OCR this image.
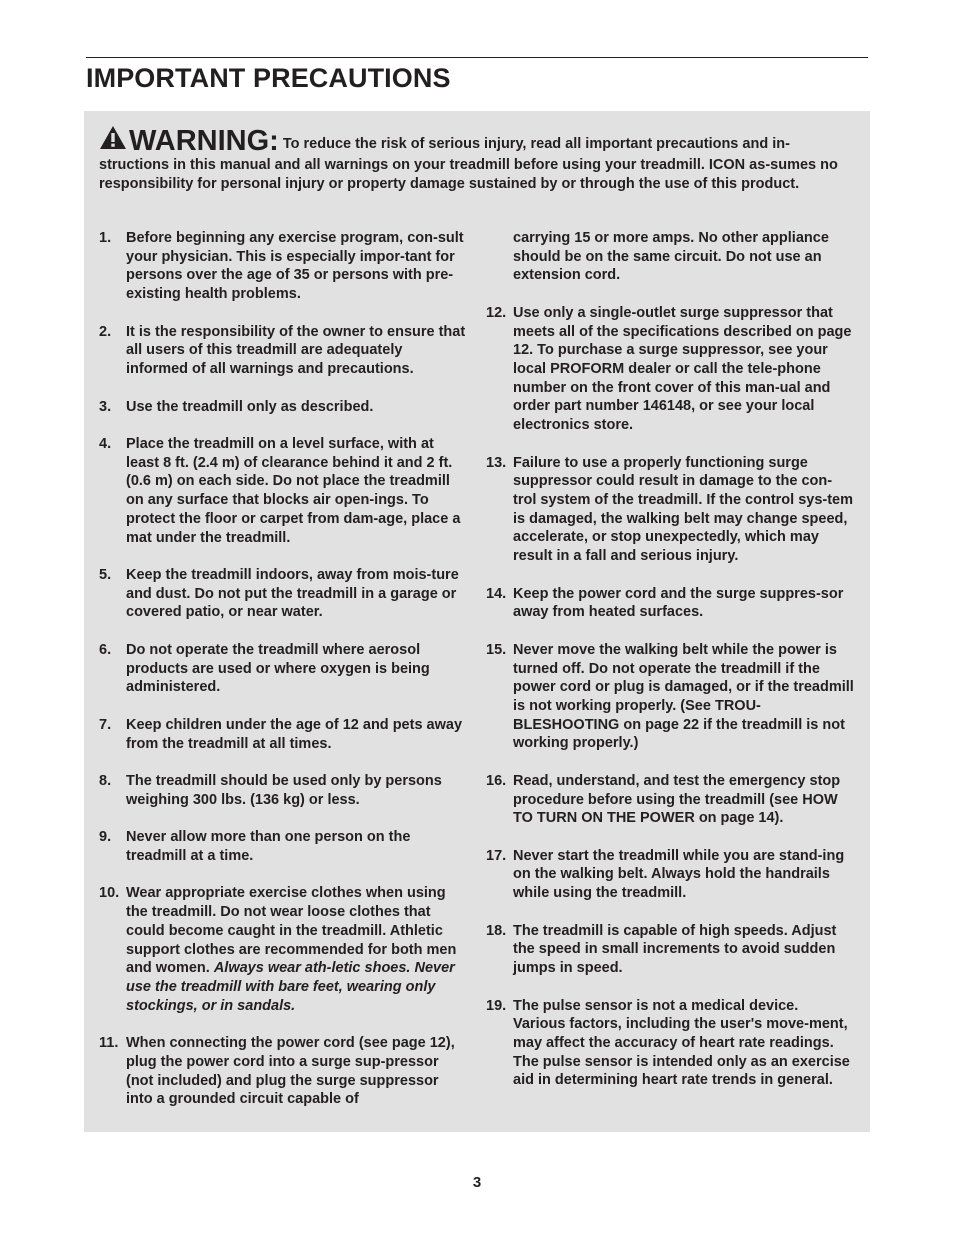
IMPORTANT PRECAUTIONS

WARNING: To reduce the risk of serious injury, read all important precautions and in-structions in this manual and all warnings on your treadmill before using your treadmill. ICON as-sumes no responsibility for personal injury or property damage sustained by or through the use of this product.

1. Before beginning any exercise program, con-sult your physician. This is especially impor-tant for persons over the age of 35 or persons with pre-existing health problems.
2. It is the responsibility of the owner to ensure that all users of this treadmill are adequately informed of all warnings and precautions.
3. Use the treadmill only as described.
4. Place the treadmill on a level surface, with at least 8 ft. (2.4 m) of clearance behind it and 2 ft. (0.6 m) on each side. Do not place the treadmill on any surface that blocks air open-ings. To protect the floor or carpet from dam-age, place a mat under the treadmill.
5. Keep the treadmill indoors, away from mois-ture and dust. Do not put the treadmill in a garage or covered patio, or near water.
6. Do not operate the treadmill where aerosol products are used or where oxygen is being administered.
7. Keep children under the age of 12 and pets away from the treadmill at all times.
8. The treadmill should be used only by persons weighing 300 lbs. (136 kg) or less.
9. Never allow more than one person on the treadmill at a time.
10. Wear appropriate exercise clothes when using the treadmill. Do not wear loose clothes that could become caught in the treadmill. Athletic support clothes are recommended for both men and women. Always wear ath-letic shoes. Never use the treadmill with bare feet, wearing only stockings, or in sandals.
11. When connecting the power cord (see page 12), plug the power cord into a surge sup-pressor (not included) and plug the surge suppressor into a grounded circuit capable of
carrying 15 or more amps. No other appliance should be on the same circuit. Do not use an extension cord.
12. Use only a single-outlet surge suppressor that meets all of the specifications described on page 12. To purchase a surge suppressor, see your local PROFORM dealer or call the tele-phone number on the front cover of this man-ual and order part number 146148, or see your local electronics store.
13. Failure to use a properly functioning surge suppressor could result in damage to the con-trol system of the treadmill. If the control sys-tem is damaged, the walking belt may change speed, accelerate, or stop unexpectedly, which may result in a fall and serious injury.
14. Keep the power cord and the surge suppres-sor away from heated surfaces.
15. Never move the walking belt while the power is turned off. Do not operate the treadmill if the power cord or plug is damaged, or if the treadmill is not working properly. (See TROU-BLESHOOTING on page 22 if the treadmill is not working properly.)
16. Read, understand, and test the emergency stop procedure before using the treadmill (see HOW TO TURN ON THE POWER on page 14).
17. Never start the treadmill while you are stand-ing on the walking belt. Always hold the handrails while using the treadmill.
18. The treadmill is capable of high speeds. Adjust the speed in small increments to avoid sudden jumps in speed.
19. The pulse sensor is not a medical device. Various factors, including the user's move-ment, may affect the accuracy of heart rate readings. The pulse sensor is intended only as an exercise aid in determining heart rate trends in general.
3
